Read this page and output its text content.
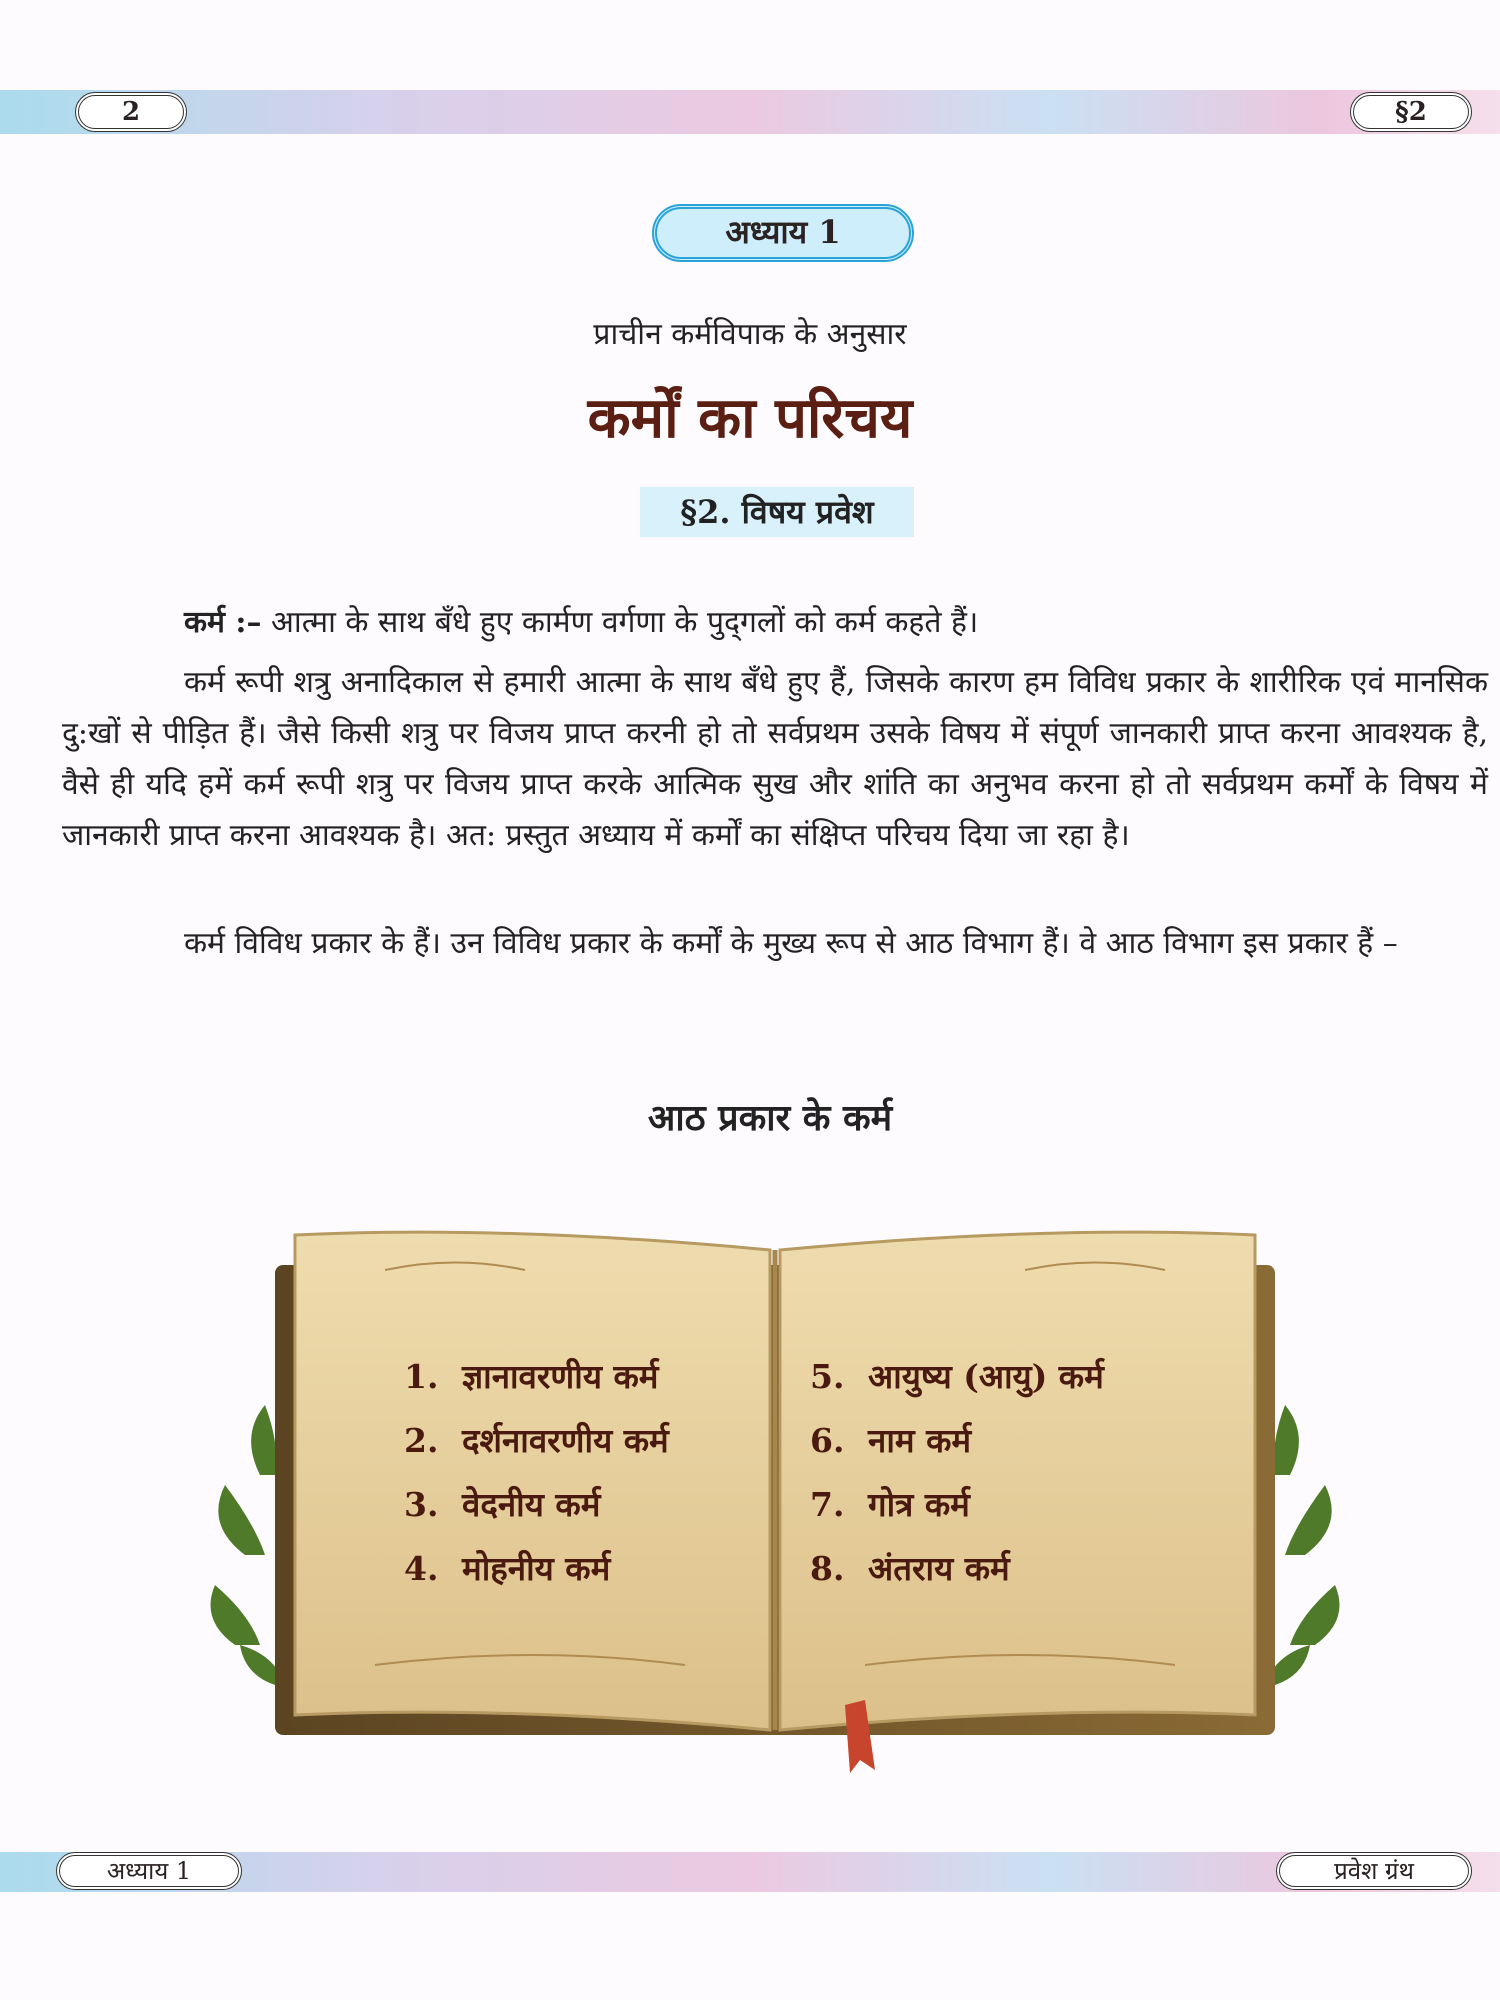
2	§2
अध्याय 1
प्राचीन कर्मविपाक के अनुसार
कर्मों का परिचय
§2. विषय प्रवेश

कर्म :– आत्मा के साथ बँधे हुए कार्मण वर्गणा के पुद्‌गलों को कर्म कहते हैं।

कर्म रूपी शत्रु अनादिकाल से हमारी आत्मा के साथ बँधे हुए हैं, जिसके कारण हम विविध प्रकार के शारीरिक एवं मानसिक दु:खों से पीड़ित हैं। जैसे किसी शत्रु पर विजय प्राप्त करनी हो तो सर्वप्रथम उसके विषय में संपूर्ण जानकारी प्राप्त करना आवश्यक है, वैसे ही यदि हमें कर्म रूपी शत्रु पर विजय प्राप्त करके आत्मिक सुख और शांति का अनुभव करना हो तो सर्वप्रथम कर्मों के विषय में जानकारी प्राप्त करना आवश्यक है। अत: प्रस्तुत अध्याय में कर्मों का संक्षिप्त परिचय दिया जा रहा है।

कर्म विविध प्रकार के हैं। उन विविध प्रकार के कर्मों के मुख्य रूप से आठ विभाग हैं। वे आठ विभाग इस प्रकार हैं –

आठ प्रकार के कर्म
1. ज्ञानावरणीय कर्म
2. दर्शनावरणीय कर्म
3. वेदनीय कर्म
4. मोहनीय कर्म
5. आयुष्य (आयु) कर्म
6. नाम कर्म
7. गोत्र कर्म
8. अंतराय कर्म
अध्याय 1	प्रवेश ग्रंथ
